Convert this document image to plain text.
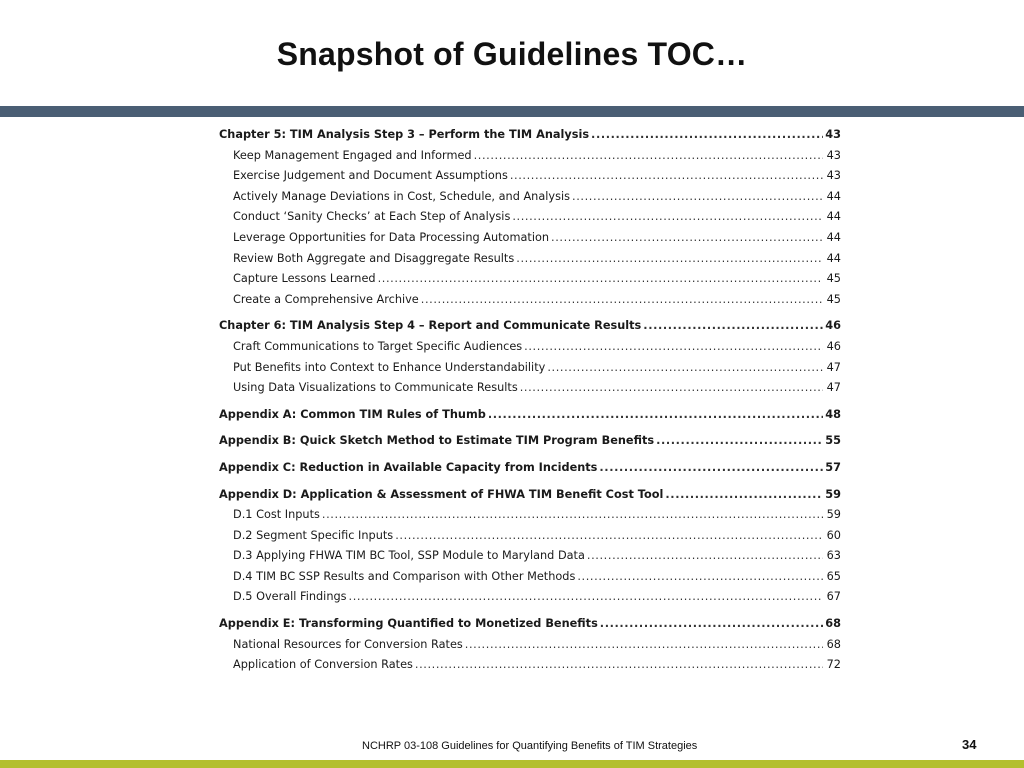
Snapshot of Guidelines TOC…
Chapter 5: TIM Analysis Step 3 – Perform the TIM Analysis .....	43
Keep Management Engaged and Informed .....	43
Exercise Judgement and Document Assumptions .....	43
Actively Manage Deviations in Cost, Schedule, and Analysis .....	44
Conduct ‘Sanity Checks’ at Each Step of Analysis .....	44
Leverage Opportunities for Data Processing Automation .....	44
Review Both Aggregate and Disaggregate Results .....	44
Capture Lessons Learned .....	45
Create a Comprehensive Archive .....	45
Chapter 6: TIM Analysis Step 4 – Report and Communicate Results .....	46
Craft Communications to Target Specific Audiences .....	46
Put Benefits into Context to Enhance Understandability .....	47
Using Data Visualizations to Communicate Results .....	47
Appendix A: Common TIM Rules of Thumb .....	48
Appendix B: Quick Sketch Method to Estimate TIM Program Benefits .....	55
Appendix C: Reduction in Available Capacity from Incidents .....	57
Appendix D: Application & Assessment of FHWA TIM Benefit Cost Tool .....	59
D.1 Cost Inputs .....	59
D.2 Segment Specific Inputs .....	60
D.3 Applying FHWA TIM BC Tool, SSP Module to Maryland Data .....	63
D.4 TIM BC SSP Results and Comparison with Other Methods .....	65
D.5 Overall Findings .....	67
Appendix E: Transforming Quantified to Monetized Benefits .....	68
National Resources for Conversion Rates .....	68
Application of Conversion Rates .....	72
NCHRP 03-108 Guidelines for Quantifying Benefits of TIM Strategies	34
